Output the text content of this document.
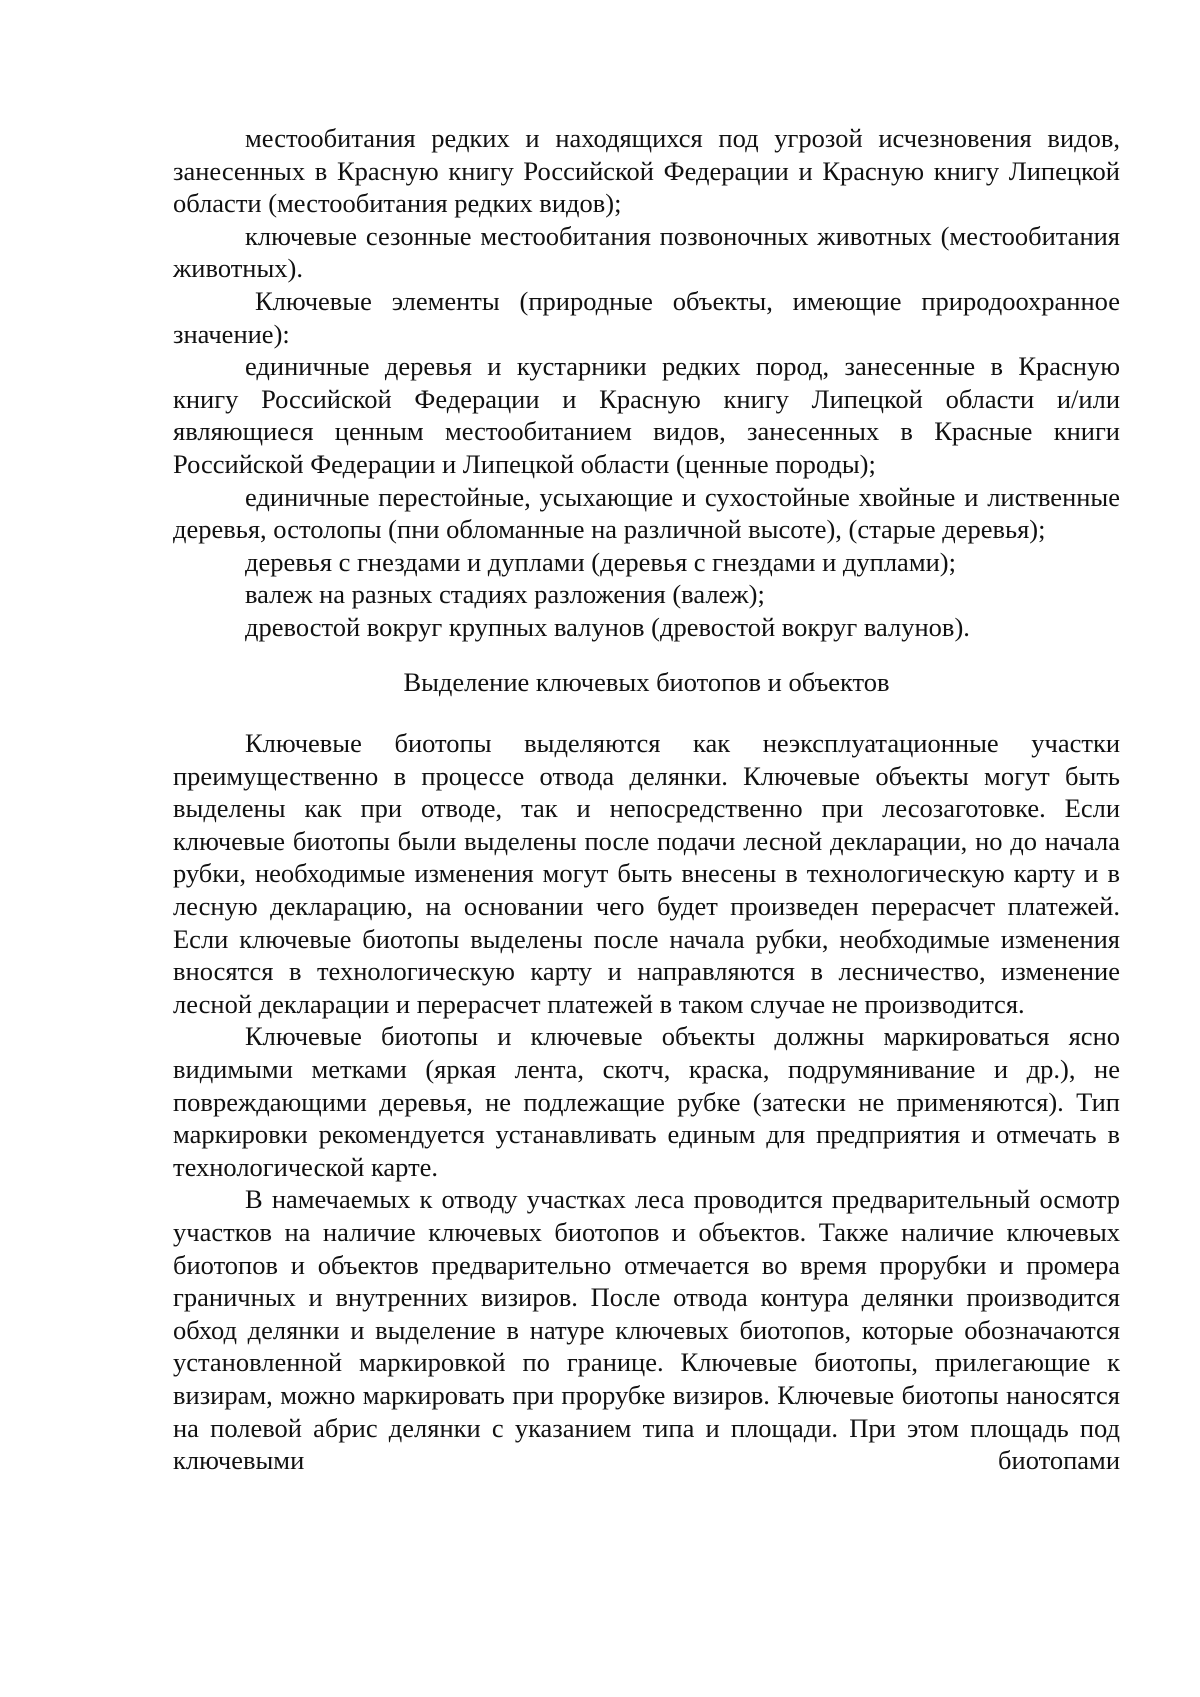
местообитания редких и находящихся под угрозой исчезновения видов, занесенных в Красную книгу Российской Федерации и Красную книгу Липецкой области (местообитания редких видов);

ключевые сезонные местообитания позвоночных животных (местообитания животных).

Ключевые элементы (природные объекты, имеющие природоохранное значение):

единичные деревья и кустарники редких пород, занесенные в Красную книгу Российской Федерации и Красную книгу Липецкой области и/или являющиеся ценным местообитанием видов, занесенных в Красные книги Российской Федерации и Липецкой области (ценные породы);

единичные перестойные, усыхающие и сухостойные хвойные и лиственные деревья, остолопы (пни обломанные на различной высоте), (старые деревья);

деревья с гнездами и дуплами (деревья с гнездами и дуплами);

валеж на разных стадиях разложения (валеж);

древостой вокруг крупных валунов (древостой вокруг валунов).

Выделение ключевых биотопов и объектов

Ключевые биотопы выделяются как неэксплуатационные участки преимущественно в процессе отвода делянки. Ключевые объекты могут быть выделены как при отводе, так и непосредственно при лесозаготовке. Если ключевые биотопы были выделены после подачи лесной декларации, но до начала рубки, необходимые изменения могут быть внесены в технологическую карту и в лесную декларацию, на основании чего будет произведен перерасчет платежей. Если ключевые биотопы выделены после начала рубки, необходимые изменения вносятся в технологическую карту и направляются в лесничество, изменение лесной декларации и перерасчет платежей в таком случае не производится.

Ключевые биотопы и ключевые объекты должны маркироваться ясно видимыми метками (яркая лента, скотч, краска, подрумянивание и др.), не повреждающими деревья, не подлежащие рубке (затески не применяются). Тип маркировки рекомендуется устанавливать единым для предприятия и отмечать в технологической карте.

В намечаемых к отводу участках леса проводится предварительный осмотр участков на наличие ключевых биотопов и объектов. Также наличие ключевых биотопов и объектов предварительно отмечается во время прорубки и промера граничных и внутренних визиров. После отвода контура делянки производится обход делянки и выделение в натуре ключевых биотопов, которые обозначаются установленной маркировкой по границе. Ключевые биотопы, прилегающие к визирам, можно маркировать при прорубке визиров. Ключевые биотопы наносятся на полевой абрис делянки с указанием типа и площади. При этом площадь под ключевыми биотопами
